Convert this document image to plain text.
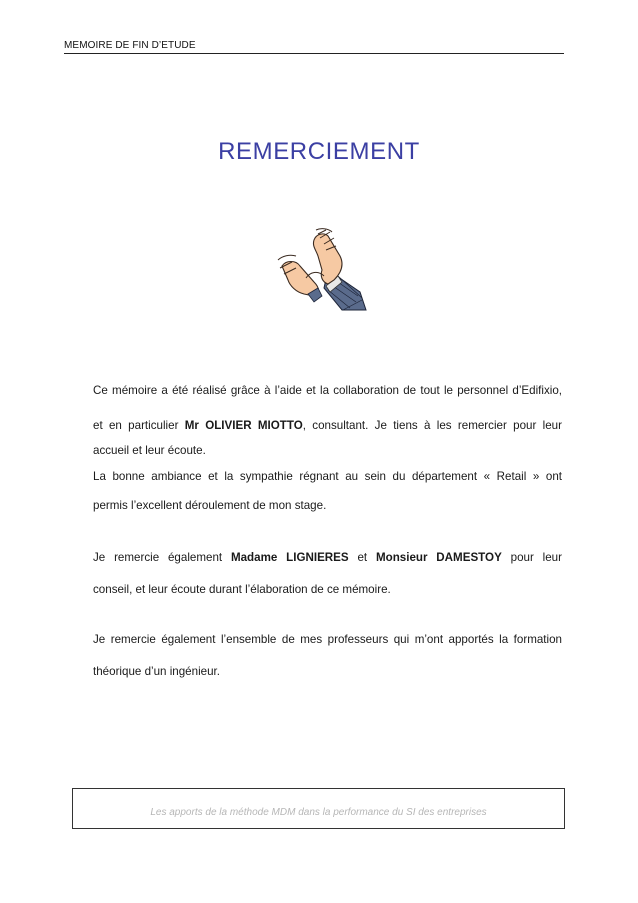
MEMOIRE DE FIN D’ETUDE
REMERCIEMENT
Ce mémoire a été réalisé grâce à l’aide et la collaboration de tout le personnel d’Edifixio,
et en particulier Mr OLIVIER MIOTTO, consultant. Je tiens à les remercier pour leur
accueil et leur écoute.
La bonne ambiance et la sympathie régnant au sein du département « Retail » ont
permis l’excellent déroulement de mon stage.
Je remercie également Madame LIGNIERES et Monsieur DAMESTOY pour leur
conseil, et leur écoute durant l’élaboration de ce mémoire.
Je remercie également l’ensemble de mes professeurs qui m’ont apportés la formation
théorique d’un ingénieur.
Les apports de la méthode MDM dans la performance du SI des entreprises
